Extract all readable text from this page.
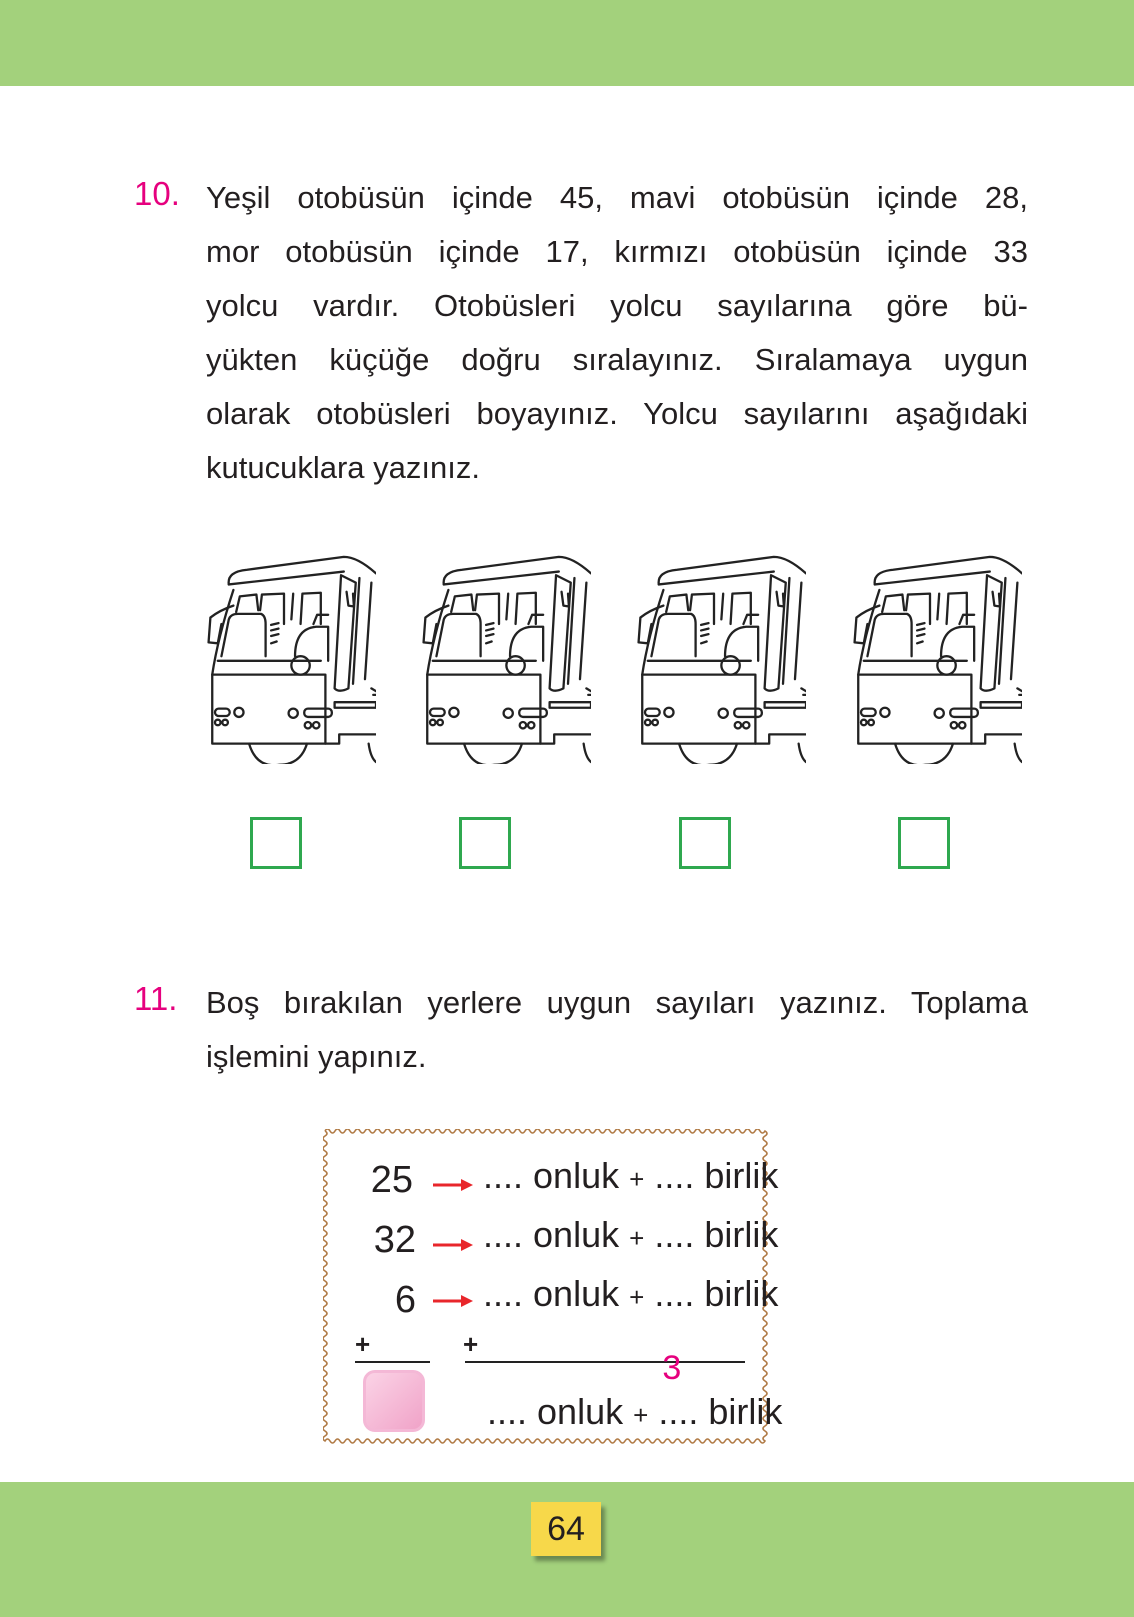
10. Yeşil otobüsün içinde 45, mavi otobüsün içinde 28,
mor otobüsün içinde 17, kırmızı otobüsün içinde 33
yolcu vardır. Otobüsleri yolcu sayılarına göre bü-
yükten küçüğe doğru sıralayınız. Sıralamaya uygun
olarak otobüsleri boyayınız. Yolcu sayılarını aşağıdaki
kutucuklara yazınız.
11. Boş bırakılan yerlere uygun sayıları yazınız. Toplama
işlemini yapınız.
25
32
6
.... onluk + .... birlik
.... onluk + .... birlik
.... onluk + .... birlik
+	+
.... onluk + ....
3
birlik
64
